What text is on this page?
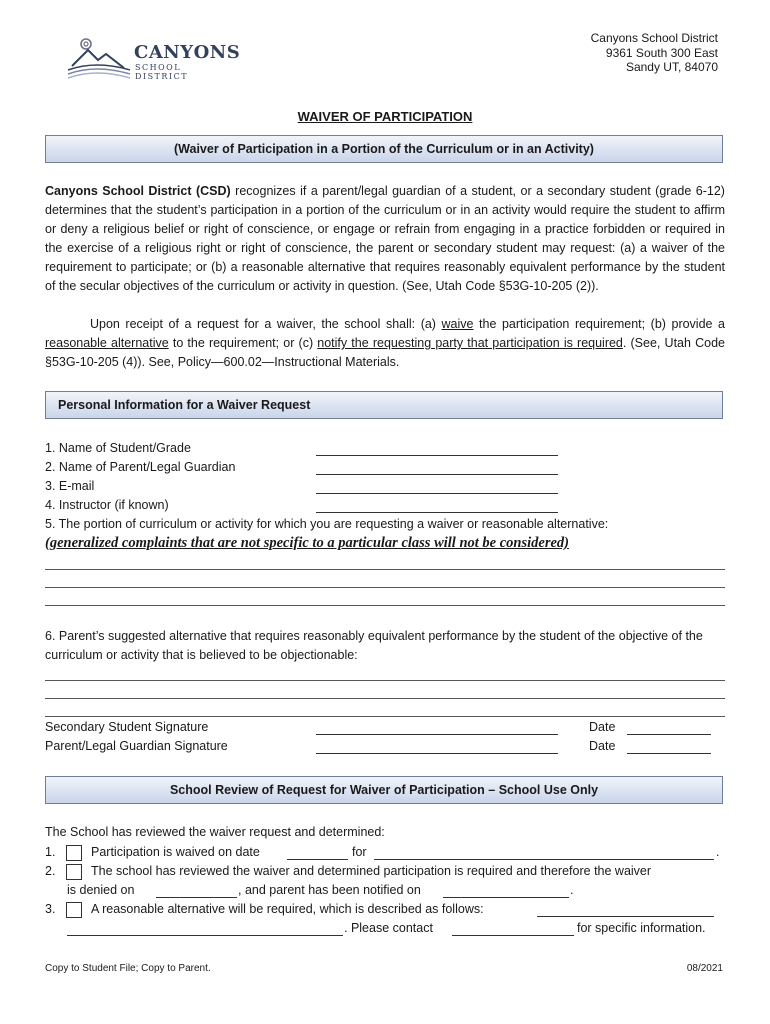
CANYONS
SCHOOL DISTRICT
Canyons School District
9361 South 300 East
Sandy UT, 84070
WAIVER OF PARTICIPATION
(Waiver of Participation in a Portion of the Curriculum or in an Activity)
Canyons School District (CSD) recognizes if a parent/legal guardian of a student, or a secondary student (grade 6-12) determines that the student’s participation in a portion of the curriculum or in an activity would require the student to affirm or deny a religious belief or right of conscience, or engage or refrain from engaging in a practice forbidden or required in the exercise of a religious right or right of conscience, the parent or secondary student may request: (a) a waiver of the requirement to participate; or (b) a reasonable alternative that requires reasonably equivalent performance by the student of the secular objectives of the curriculum or activity in question. (See, Utah Code §53G-10-205 (2)).
Upon receipt of a request for a waiver, the school shall: (a) waive the participation requirement; (b) provide a reasonable alternative to the requirement; or (c) notify the requesting party that participation is required. (See, Utah Code §53G-10-205 (4)). See, Policy—600.02—Instructional Materials.
Personal Information for a Waiver Request
1. Name of Student/Grade
2. Name of Parent/Legal Guardian
3. E-mail
4. Instructor (if known)
5. The portion of curriculum or activity for which you are requesting a waiver or reasonable alternative:
(generalized complaints that are not specific to a particular class will not be considered)
6. Parent’s suggested alternative that requires reasonably equivalent performance by the student of the objective of the curriculum or activity that is believed to be objectionable:
Secondary Student Signature	Date
Parent/Legal Guardian Signature	Date
School Review of Request for Waiver of Participation – School Use Only
The School has reviewed the waiver request and determined:
1.	Participation is waived on date	for	.
2.	The school has reviewed the waiver and determined participation is required and therefore the waiver
is denied on	, and parent has been notified on	.
3.	A reasonable alternative will be required, which is described as follows:
. Please contact	for specific information.
Copy to Student File; Copy to Parent.	08/2021
